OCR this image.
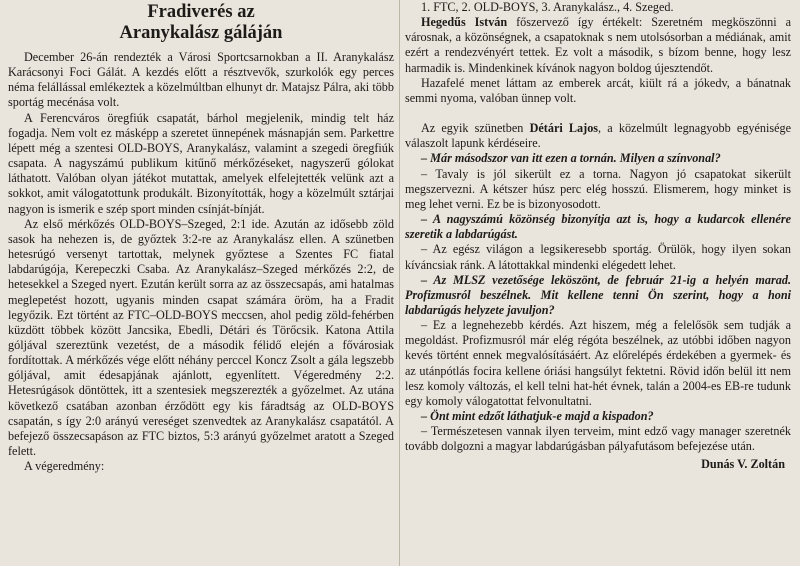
Fradiverés az
Aranykalász gáláján

December 26-án rendezték a Városi Sportcsarnokban a II. Aranykalász Karácsonyi Foci Gálát. A kezdés előtt a résztvevők, szurkolók egy perces néma felállással emlékeztek a közelmúltban elhunyt dr. Matajsz Pálra, aki több sportág mecénása volt.

A Ferencváros öregfiúk csapatát, bárhol megjelenik, mindig telt ház fogadja. Nem volt ez másképp a szeretet ünnepének másnapján sem. Parkettre lépett még a szentesi OLD-BOYS, Aranykalász, valamint a szegedi öregfiúk csapata. A nagyszámú publikum kitűnő mérkőzéseket, nagyszerű gólokat láthatott. Valóban olyan játékot mutattak, amelyek elfelejtették velünk azt a sokkot, amit válogatottunk produkált. Bizonyították, hogy a közelmúlt sztárjai nagyon is ismerik e szép sport minden csínját-bínját.

Az első mérkőzés OLD-BOYS–Szeged, 2:1 ide. Azután az idősebb zöld sasok ha nehezen is, de győztek 3:2-re az Aranykalász ellen. A szünetben hetesrúgó versenyt tartottak, melynek győztese a Szentes FC fiatal labdarúgója, Kerepeczki Csaba. Az Aranykalász–Szeged mérkőzés 2:2, de hetesekkel a Szeged nyert. Ezután került sorra az az összecsapás, ami hatalmas meglepetést hozott, ugyanis minden csapat számára öröm, ha a Fradit legyőzik. Ezt történt az FTC–OLD-BOYS meccsen, ahol pedig zöld-fehérben küzdött többek között Jancsika, Ebedli, Détári és Törőcsik. Katona Attila góljával szereztünk vezetést, de a második félidő elején a fővárosiak fordítottak. A mérkőzés vége előtt néhány perccel Koncz Zsolt a gála legszebb góljával, amit édesapjának ajánlott, egyenlített. Végeredmény 2:2. Hetesrúgások döntöttek, itt a szentesiek megszerezték a győzelmet. Az utána következő csatában azonban érződött egy kis fáradtság az OLD-BOYS csapatán, s így 2:0 arányú vereséget szenvedtek az Aranykalász csapatától. A befejező összecsapáson az FTC biztos, 5:3 arányú győzelmet aratott a Szeged felett.

A végeredmény:

1. FTC, 2. OLD-BOYS, 3. Aranykalász., 4. Szeged.

Hegedűs István főszervező így értékelt: Szeretném megköszönni a városnak, a közönségnek, a csapatoknak s nem utolsósorban a médiának, amit ezért a rendezvényért tettek. Ez volt a második, s bízom benne, hogy lesz harmadik is. Mindenkinek kívánok nagyon boldog újesztendőt.

Hazafelé menet láttam az emberek arcát, kiült rá a jókedv, a bánatnak semmi nyoma, valóban ünnep volt.

Az egyik szünetben Détári Lajos, a közelmúlt legnagyobb egyénisége válaszolt lapunk kérdéseire.

– Már másodszor van itt ezen a tornán. Milyen a színvonal?

– Tavaly is jól sikerült ez a torna. Nagyon jó csapatokat sikerült megszervezni. A kétszer húsz perc elég hosszú. Elismerem, hogy minket is meg lehet verni. Ez be is bizonyosodott.

– A nagyszámú közönség bizonyítja azt is, hogy a kudarcok ellenére szeretik a labdarúgást.

– Az egész világon a legsikeresebb sportág. Örülök, hogy ilyen sokan kíváncsiak ránk. A látottakkal mindenki elégedett lehet.

– Az MLSZ vezetősége leköszönt, de február 21-ig a helyén marad. Profizmusról beszélnek. Mit kellene tenni Ön szerint, hogy a honi labdarúgás helyzete javuljon?

– Ez a legnehezebb kérdés. Azt hiszem, még a felelősök sem tudják a megoldást. Profizmusról már elég régóta beszélnek, az utóbbi időben nagyon kevés történt ennek megvalósításáért. Az előrelépés érdekében a gyermek- és az utánpótlás focira kellene óriási hangsúlyt fektetni. Rövid időn belül itt nem lesz komoly változás, el kell telni hat-hét évnek, talán a 2004-es EB-re tudunk egy komoly válogatottat felvonultatni.

– Önt mint edzőt láthatjuk-e majd a kispadon?

– Természetesen vannak ilyen terveim, mint edző vagy manager szeretnék tovább dolgozni a magyar labdarúgásban pályafutásom befejezése után.

Dunás V. Zoltán
